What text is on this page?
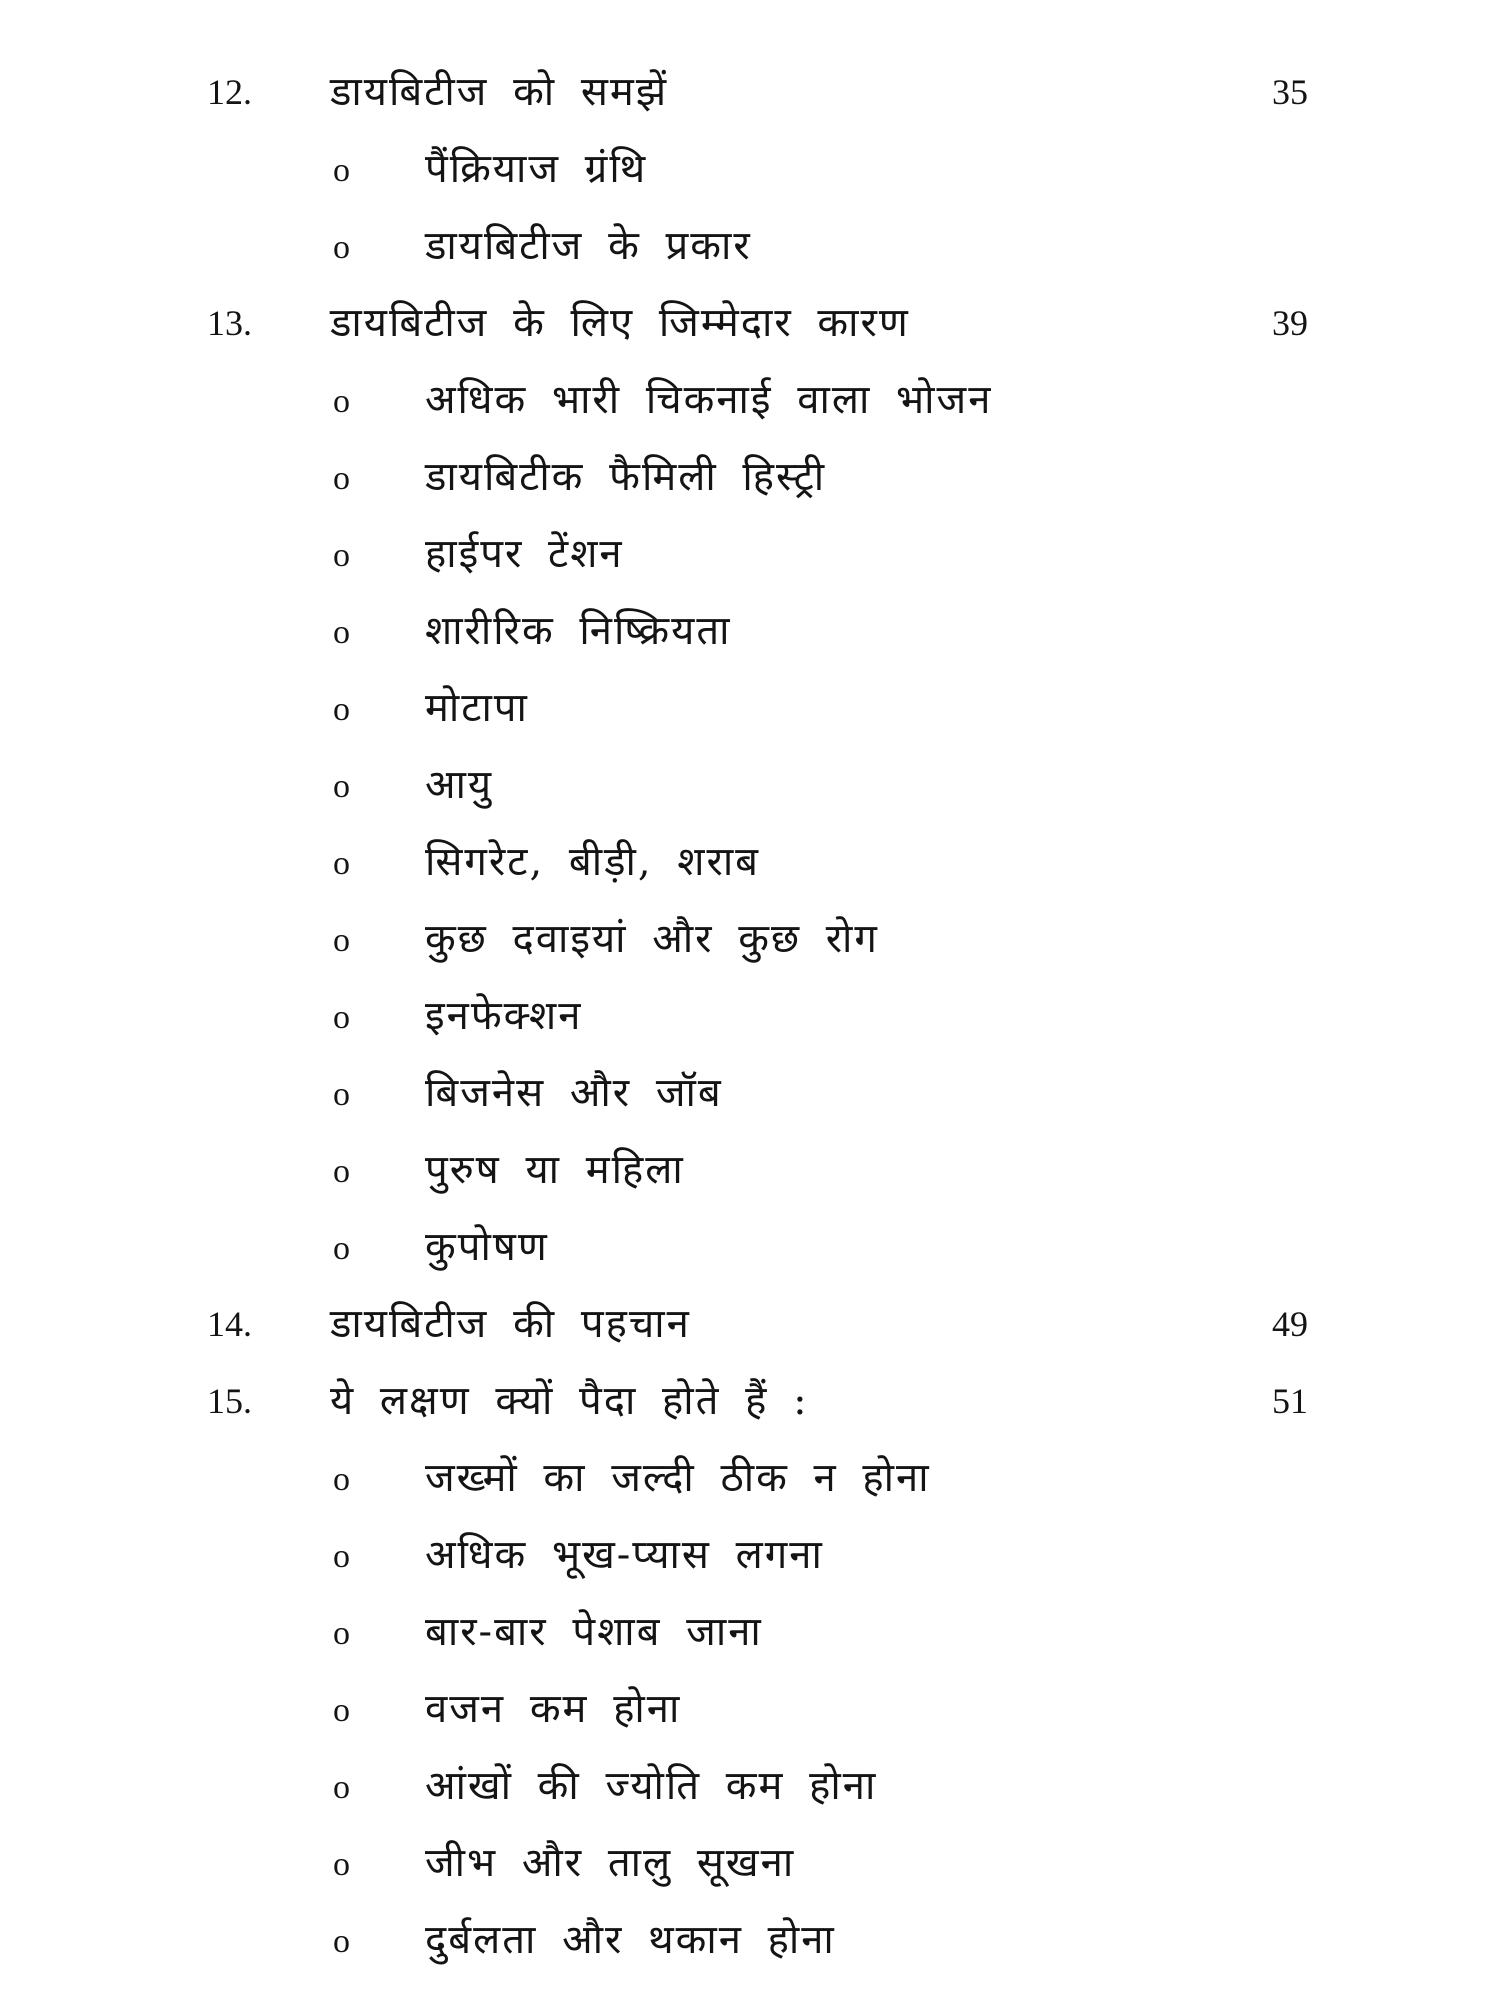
12. डायबिटीज को समझें	35
o पैंक्रियाज ग्रंथि
o डायबिटीज के प्रकार
13. डायबिटीज के लिए जिम्मेदार कारण	39
o अधिक भारी चिकनाई वाला भोजन
o डायबिटीक फैमिली हिस्ट्री
o हाईपर टेंशन
o शारीरिक निष्क्रियता
o मोटापा
o आयु
o सिगरेट, बीड़ी, शराब
o कुछ दवाइयां और कुछ रोग
o इनफेक्शन
o बिजनेस और जॉब
o पुरुष या महिला
o कुपोषण
14. डायबिटीज की पहचान	49
15. ये लक्षण क्यों पैदा होते हैं :	51
o जख्मों का जल्दी ठीक न होना
o अधिक भूख-प्यास लगना
o बार-बार पेशाब जाना
o वजन कम होना
o आंखों की ज्योति कम होना
o जीभ और तालु सूखना
o दुर्बलता और थकान होना
